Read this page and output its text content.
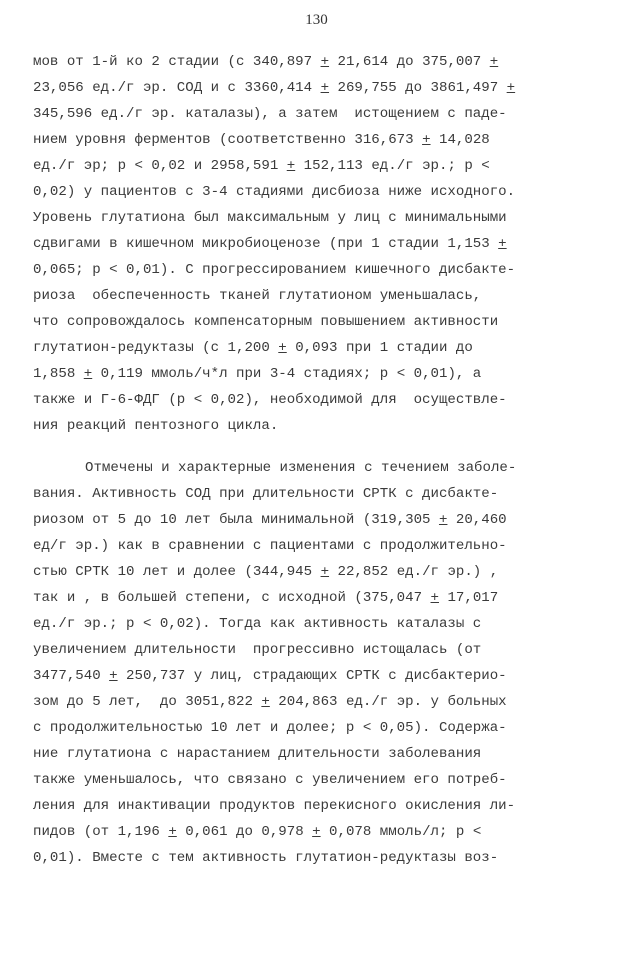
130
мов от 1-й ко 2 стадии (с 340,897 + 21,614 до 375,007 +
23,056 ед./г эр. СОД и с 3360,414 + 269,755 до 3861,497 +
345,596 ед./г эр. каталазы), а затем  истощением с паде-
нием уровня ферментов (соответственно 316,673 + 14,028
ед./г эр; р < 0,02 и 2958,591 + 152,113 ед./г эр.; р <
0,02) у пациентов с 3-4 стадиями дисбиоза ниже исходного.
Уровень глутатиона был максимальным у лиц с минимальными
сдвигами в кишечном микробиоценозе (при 1 стадии 1,153 +
0,065; р < 0,01). С прогрессированием кишечного дисбакте-
риоза  обеспеченность тканей глутатионом уменьшалась,
что сопровождалось компенсаторным повышением активности
глутатион-редуктазы (с 1,200 + 0,093 при 1 стадии до
1,858 + 0,119 ммоль/ч*л при 3-4 стадиях; р < 0,01), а
также и Г-6-ФДГ (р < 0,02), необходимой для  осуществле-
ния реакций пентозного цикла.
Отмечены и характерные изменения с течением заболе-
вания. Активность СОД при длительности СРТК с дисбакте-
риозом от 5 до 10 лет была минимальной (319,305 + 20,460
ед/г эр.) как в сравнении с пациентами с продолжительно-
стью СРТК 10 лет и долее (344,945 + 22,852 ед./г эр.) ,
так и , в большей степени, с исходной (375,047 + 17,017
ед./г эр.; р < 0,02). Тогда как активность каталазы с
увеличением длительности  прогрессивно истощалась (от
3477,540 + 250,737 у лиц, страдающих СРТК с дисбактерио-
зом до 5 лет,  до 3051,822 + 204,863 ед./г эр. у больных
с продолжительностью 10 лет и долее; р < 0,05). Содержа-
ние глутатиона с нарастанием длительности заболевания
также уменьшалось, что связано с увеличением его потреб-
ления для инактивации продуктов перекисного окисления ли-
пидов (от 1,196 + 0,061 до 0,978 + 0,078 ммоль/л; р <
0,01). Вместе с тем активность глутатион-редуктазы воз-
